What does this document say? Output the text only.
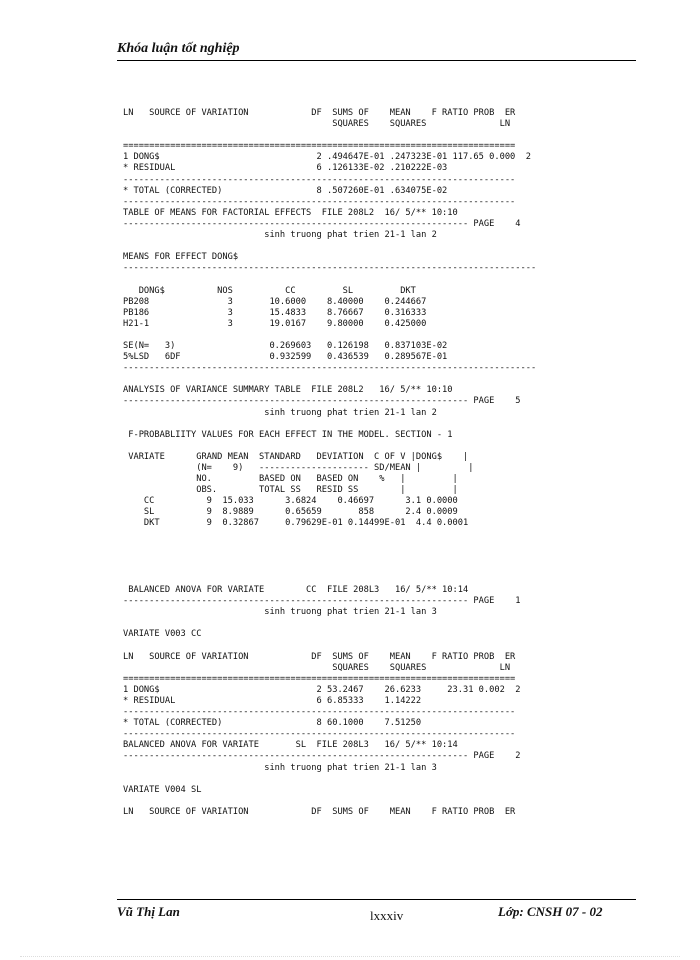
Khóa luận tốt nghiệp
LN   SOURCE OF VARIATION            DF  SUMS OF    MEAN    F RATIO PROB  ER
SQUARES    SQUARES              LN
===========================================================================
1 DONG$                              2 .494647E-01 .247323E-01 117.65 0.000  2
* RESIDUAL                           6 .126133E-02 .210222E-03
---------------------------------------------------------------------------
* TOTAL (CORRECTED)                  8 .507260E-01 .634075E-02
---------------------------------------------------------------------------
TABLE OF MEANS FOR FACTORIAL EFFECTS  FILE 208L2  16/ 5/** 10:10
------------------------------------------------------------------ PAGE    4
sinh truong phat trien 21-1 lan 2
MEANS FOR EFFECT DONG$
-------------------------------------------------------------------------------
DONG$          NOS          CC         SL         DKT
PB208               3       10.6000    8.40000    0.244667
PB186               3       15.4833    8.76667    0.316333
H21-1               3       19.0167    9.80000    0.425000
SE(N=   3)                  0.269603   0.126198   0.837103E-02
5%LSD   6DF                 0.932599   0.436539   0.289567E-01
-------------------------------------------------------------------------------
ANALYSIS OF VARIANCE SUMMARY TABLE  FILE 208L2   16/ 5/** 10:10
------------------------------------------------------------------ PAGE    5
sinh truong phat trien 21-1 lan 2
F-PROBABLIITY VALUES FOR EACH EFFECT IN THE MODEL. SECTION - 1
VARIATE      GRAND MEAN  STANDARD   DEVIATION  C OF V |DONG$    |
(N=    9)   --------------------- SD/MEAN |         |
NO.         BASED ON   BASED ON    %   |         |
OBS.        TOTAL SS   RESID SS        |         |
CC          9  15.033      3.6824    0.46697      3.1 0.0000
SL          9  8.9889      0.65659       858      2.4 0.0009
DKT         9  0.32867     0.79629E-01 0.14499E-01  4.4 0.0001
BALANCED ANOVA FOR VARIATE        CC  FILE 208L3   16/ 5/** 10:14
------------------------------------------------------------------ PAGE    1
sinh truong phat trien 21-1 lan 3
VARIATE V003 CC
LN   SOURCE OF VARIATION            DF  SUMS OF    MEAN    F RATIO PROB  ER
SQUARES    SQUARES              LN
===========================================================================
1 DONG$                              2 53.2467    26.6233     23.31 0.002  2
* RESIDUAL                           6 6.85333    1.14222
---------------------------------------------------------------------------
* TOTAL (CORRECTED)                  8 60.1000    7.51250
---------------------------------------------------------------------------
BALANCED ANOVA FOR VARIATE       SL  FILE 208L3   16/ 5/** 10:14
------------------------------------------------------------------ PAGE    2
sinh truong phat trien 21-1 lan 3
VARIATE V004 SL
LN   SOURCE OF VARIATION            DF  SUMS OF    MEAN    F RATIO PROB  ER
Vũ Thị Lan	lxxxiv	Lớp: CNSH 07 - 02
